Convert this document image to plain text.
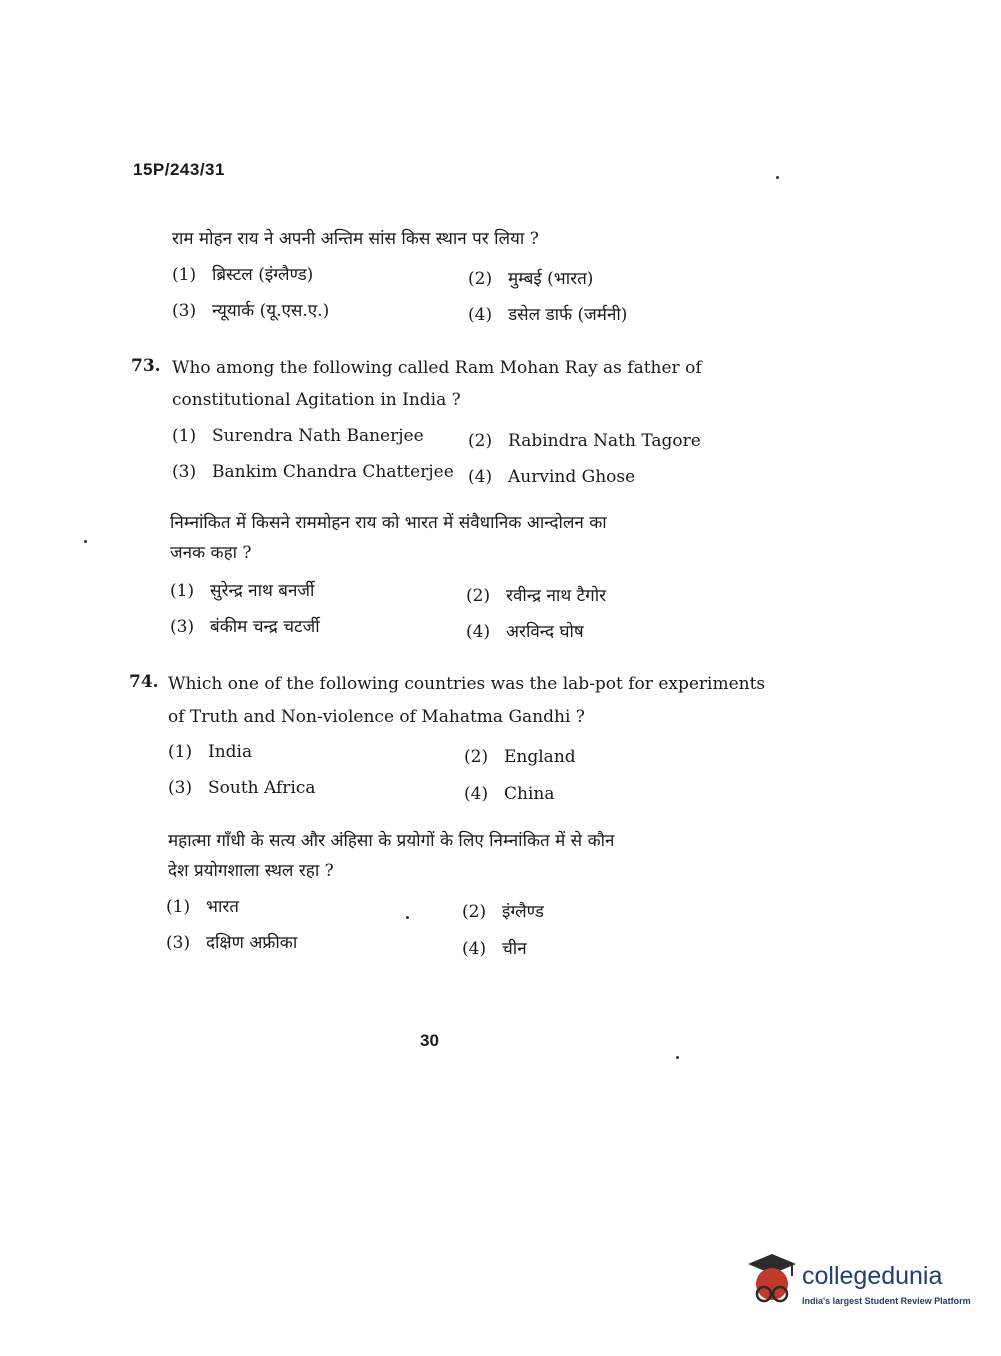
15P/243/31
राम मोहन राय ने अपनी अन्तिम सांस किस स्थान पर लिया ?
(1) ब्रिस्टल (इंग्लैण्ड)	(2) मुम्बई (भारत)
(3) न्यूयार्क (यू.एस.ए.)	(4) डसेल डार्फ (जर्मनी)
73. Who among the following called Ram Mohan Ray as father of
constitutional Agitation in India ?
(1) Surendra Nath Banerjee	(2) Rabindra Nath Tagore
(3) Bankim Chandra Chatterjee (4) Aurvind Ghose
निम्नांकित में किसने राममोहन राय को भारत में संवैधानिक आन्दोलन का
जनक कहा ?
(1) सुरेन्द्र नाथ बनर्जी	(2) रवीन्द्र नाथ टैगोर
(3) बंकीम चन्द्र चटर्जी	(4) अरविन्द घोष
74. Which one of the following countries was the lab-pot for experiments
of Truth and Non-violence of Mahatma Gandhi ?
(1) India	(2) England
(3) South Africa	(4) China
महात्मा गाँधी के सत्य और अंहिसा के प्रयोगों के लिए निम्नांकित में से कौन
देश प्रयोगशाला स्थल रहा ?
(1) भारत	(2) इंग्लैण्ड
(3) दक्षिण अफ्रीका	(4) चीन
30
collegedunia
India's largest Student Review Platform
